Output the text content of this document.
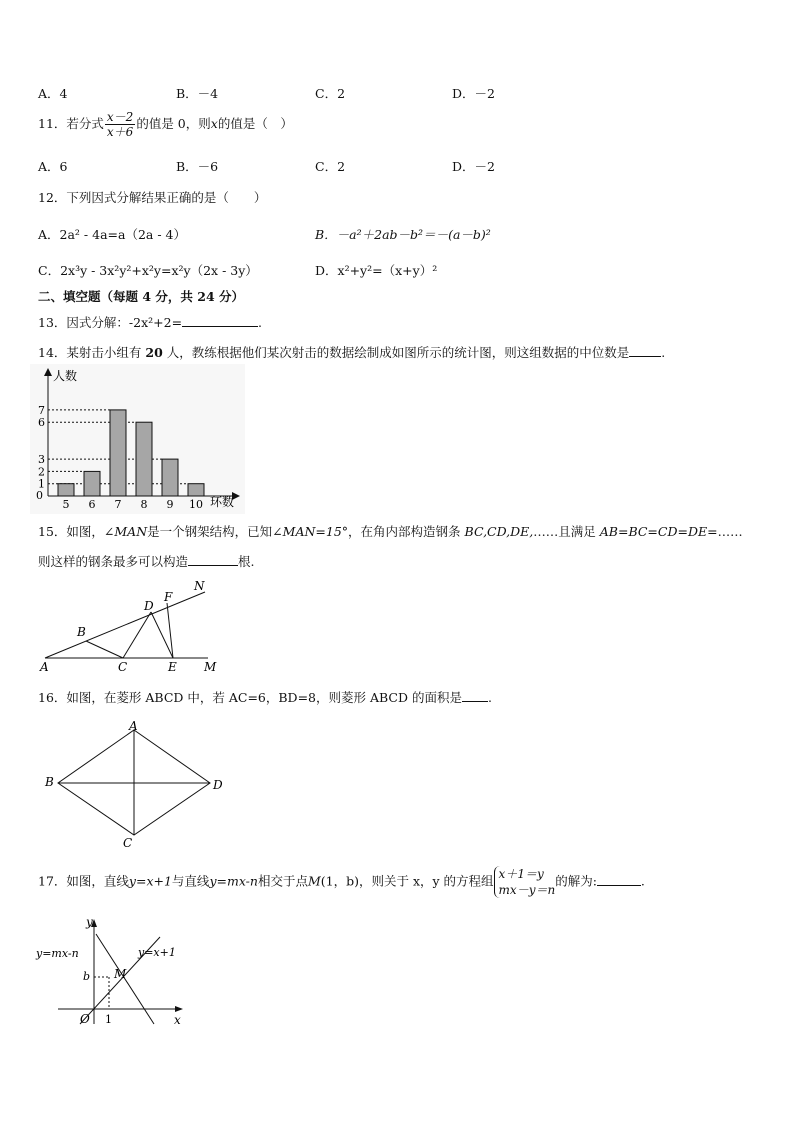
A．4	B．－4	C．2	D．－2
11．若分式 $\frac{x-2}{x+6}$ 的值是 0，则x的值是（　）
A．6	B．－6	C．2	D．－2
12．下列因式分解结果正确的是（　　）
A．2a² - 4a=a（2a - 4）	B．－a²＋2ab－b²＝－(a－b)²
C．2x³y - 3x²y²+x²y=x²y（2x - 3y）	D．x²+y²=（x+y）²
二、填空题（每题 4 分，共 24 分）
13．因式分解：-2x²+2=	.
14．某射击小组有 20 人，教练根据他们某次射击的数据绘制成如图所示的统计图，则这组数据的中位数是	.
人数
环数
0
1
2
3
6
7
5 6 7 8 9 10
15．如图，∠MAN是一个钢架结构，已知∠MAN=15°，在角内部构造钢条 BC,CD,DE,……且满足 AB=BC=CD=DE=……
则这样的钢条最多可以构造	根.
A
B
C
D
E
F
M
N
16．如图，在菱形 ABCD 中，若 AC=6，BD=8，则菱形 ABCD 的面积是 .
A
B
C
D
17．如图，直线y=x+1与直线y=mx-n相交于点M(1，b)，则关于 x，y 的方程组 x＋1＝y
mx－y＝n
的解为:	.
y
x
O 1
b M
y=mx-n	y=x+1
